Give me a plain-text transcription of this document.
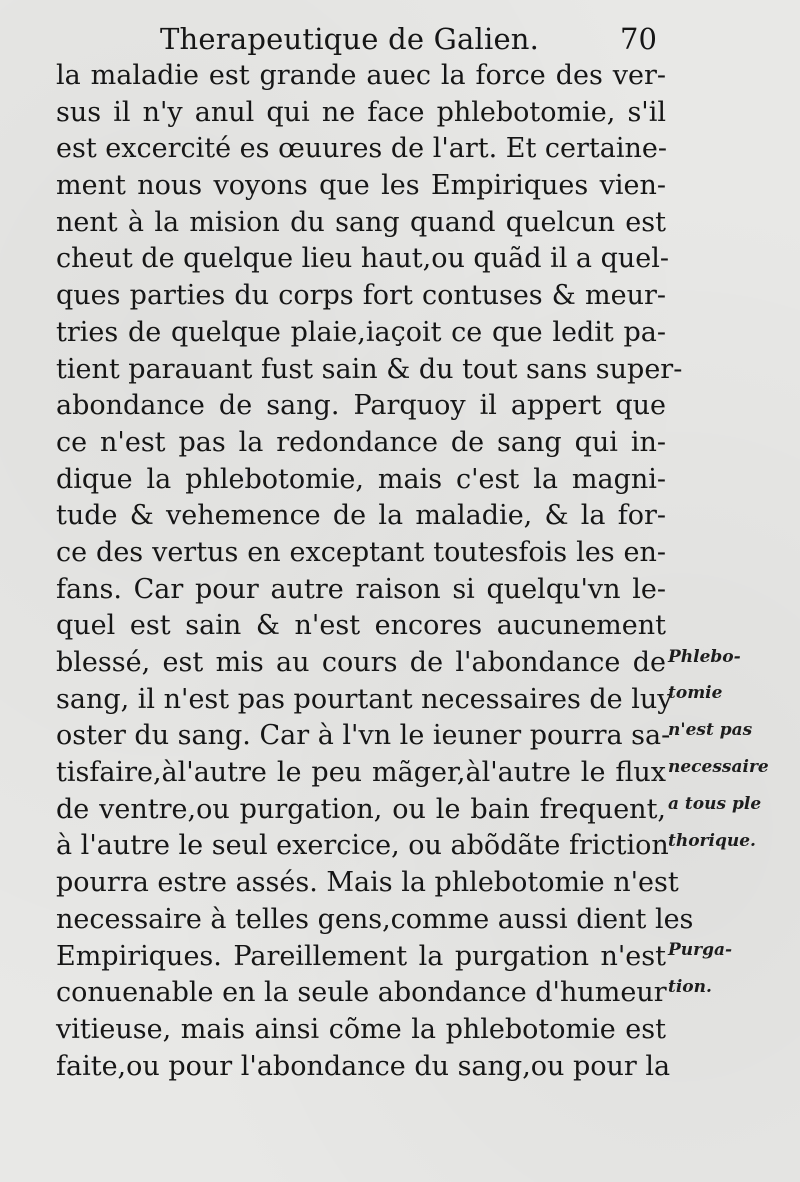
Therapeutique de Galien.	70
la maladie est grande auec la force des ver-
sus il n'y anul qui ne face phlebotomie, s'il
est excercité es œuures de l'art. Et certaine-
ment nous voyons que les Empiriques vien-
nent à la mision du sang quand quelcun est
cheut de quelque lieu haut,ou quãd il a quel-
ques parties du corps fort contuses & meur-
tries de quelque plaie,iaçoit ce que ledit pa-
tient parauant fust sain & du tout sans super-
abondance de sang. Parquoy il appert que
ce n'est pas la redondance de sang qui in-
dique la phlebotomie, mais c'est la magni-
tude & vehemence de la maladie, & la for-
ce des vertus en exceptant toutesfois les en-
fans. Car pour autre raison si quelqu'vn le-
quel est sain & n'est encores aucunement
blessé, est mis au cours de l'abondance de
sang, il n'est pas pourtant necessaires de luy
oster du sang. Car à l'vn le ieuner pourra sa-
tisfaire,àl'autre le peu mãger,àl'autre le flux
de ventre,ou purgation, ou le bain frequent,
à l'autre le seul exercice, ou abõdãte friction
pourra estre assés. Mais la phlebotomie n'est
necessaire à telles gens,comme aussi dient les
Empiriques. Pareillement la purgation n'est
conuenable en la seule abondance d'humeur
vitieuse, mais ainsi cõme la phlebotomie est
faite,ou pour l'abondance du sang,ou pour la
Phlebo-
tomie
n'est pas
necessaire
a tous ple
thorique.
Purga-
tion.
